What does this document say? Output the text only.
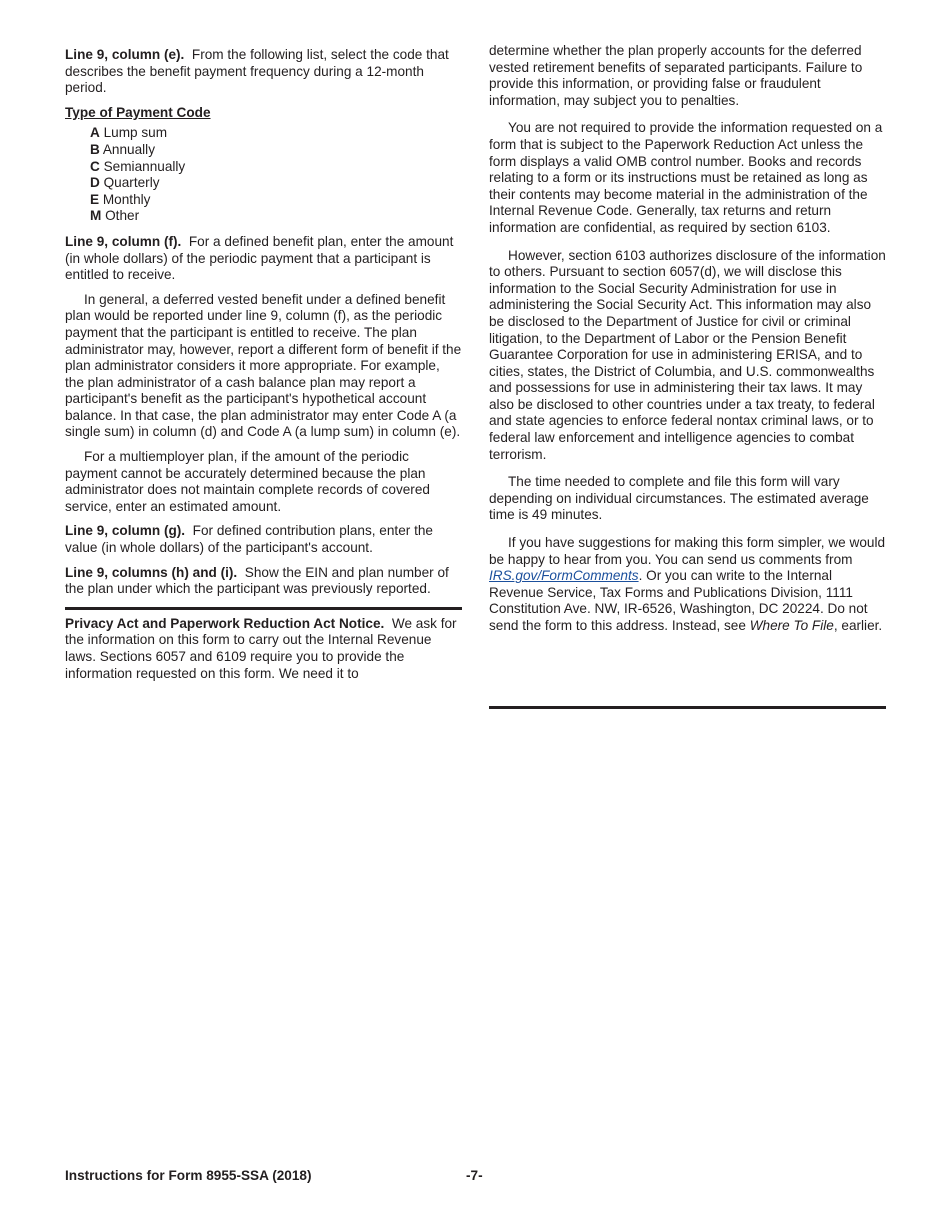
Line 9, column (e). From the following list, select the code that describes the benefit payment frequency during a 12-month period.

Type of Payment Code
A Lump sum
B Annually
C Semiannually
D Quarterly
E Monthly
M Other

Line 9, column (f). For a defined benefit plan, enter the amount (in whole dollars) of the periodic payment that a participant is entitled to receive.

In general, a deferred vested benefit under a defined benefit plan would be reported under line 9, column (f), as the periodic payment that the participant is entitled to receive. The plan administrator may, however, report a different form of benefit if the plan administrator considers it more appropriate. For example, the plan administrator of a cash balance plan may report a participant's benefit as the participant's hypothetical account balance. In that case, the plan administrator may enter Code A (a single sum) in column (d) and Code A (a lump sum) in column (e).

For a multiemployer plan, if the amount of the periodic payment cannot be accurately determined because the plan administrator does not maintain complete records of covered service, enter an estimated amount.

Line 9, column (g). For defined contribution plans, enter the value (in whole dollars) of the participant's account.

Line 9, columns (h) and (i). Show the EIN and plan number of the plan under which the participant was previously reported.

Privacy Act and Paperwork Reduction Act Notice. We ask for the information on this form to carry out the Internal Revenue laws. Sections 6057 and 6109 require you to provide the information requested on this form. We need it to

determine whether the plan properly accounts for the deferred vested retirement benefits of separated participants. Failure to provide this information, or providing false or fraudulent information, may subject you to penalties.

You are not required to provide the information requested on a form that is subject to the Paperwork Reduction Act unless the form displays a valid OMB control number. Books and records relating to a form or its instructions must be retained as long as their contents may become material in the administration of the Internal Revenue Code. Generally, tax returns and return information are confidential, as required by section 6103.

However, section 6103 authorizes disclosure of the information to others. Pursuant to section 6057(d), we will disclose this information to the Social Security Administration for use in administering the Social Security Act. This information may also be disclosed to the Department of Justice for civil or criminal litigation, to the Department of Labor or the Pension Benefit Guarantee Corporation for use in administering ERISA, and to cities, states, the District of Columbia, and U.S. commonwealths and possessions for use in administering their tax laws. It may also be disclosed to other countries under a tax treaty, to federal and state agencies to enforce federal nontax criminal laws, or to federal law enforcement and intelligence agencies to combat terrorism.

The time needed to complete and file this form will vary depending on individual circumstances. The estimated average time is 49 minutes.

If you have suggestions for making this form simpler, we would be happy to hear from you. You can send us comments from IRS.gov/FormComments. Or you can write to the Internal Revenue Service, Tax Forms and Publications Division, 1111 Constitution Ave. NW, IR-6526, Washington, DC 20224. Do not send the form to this address. Instead, see Where To File, earlier.

Instructions for Form 8955-SSA (2018)	-7-
